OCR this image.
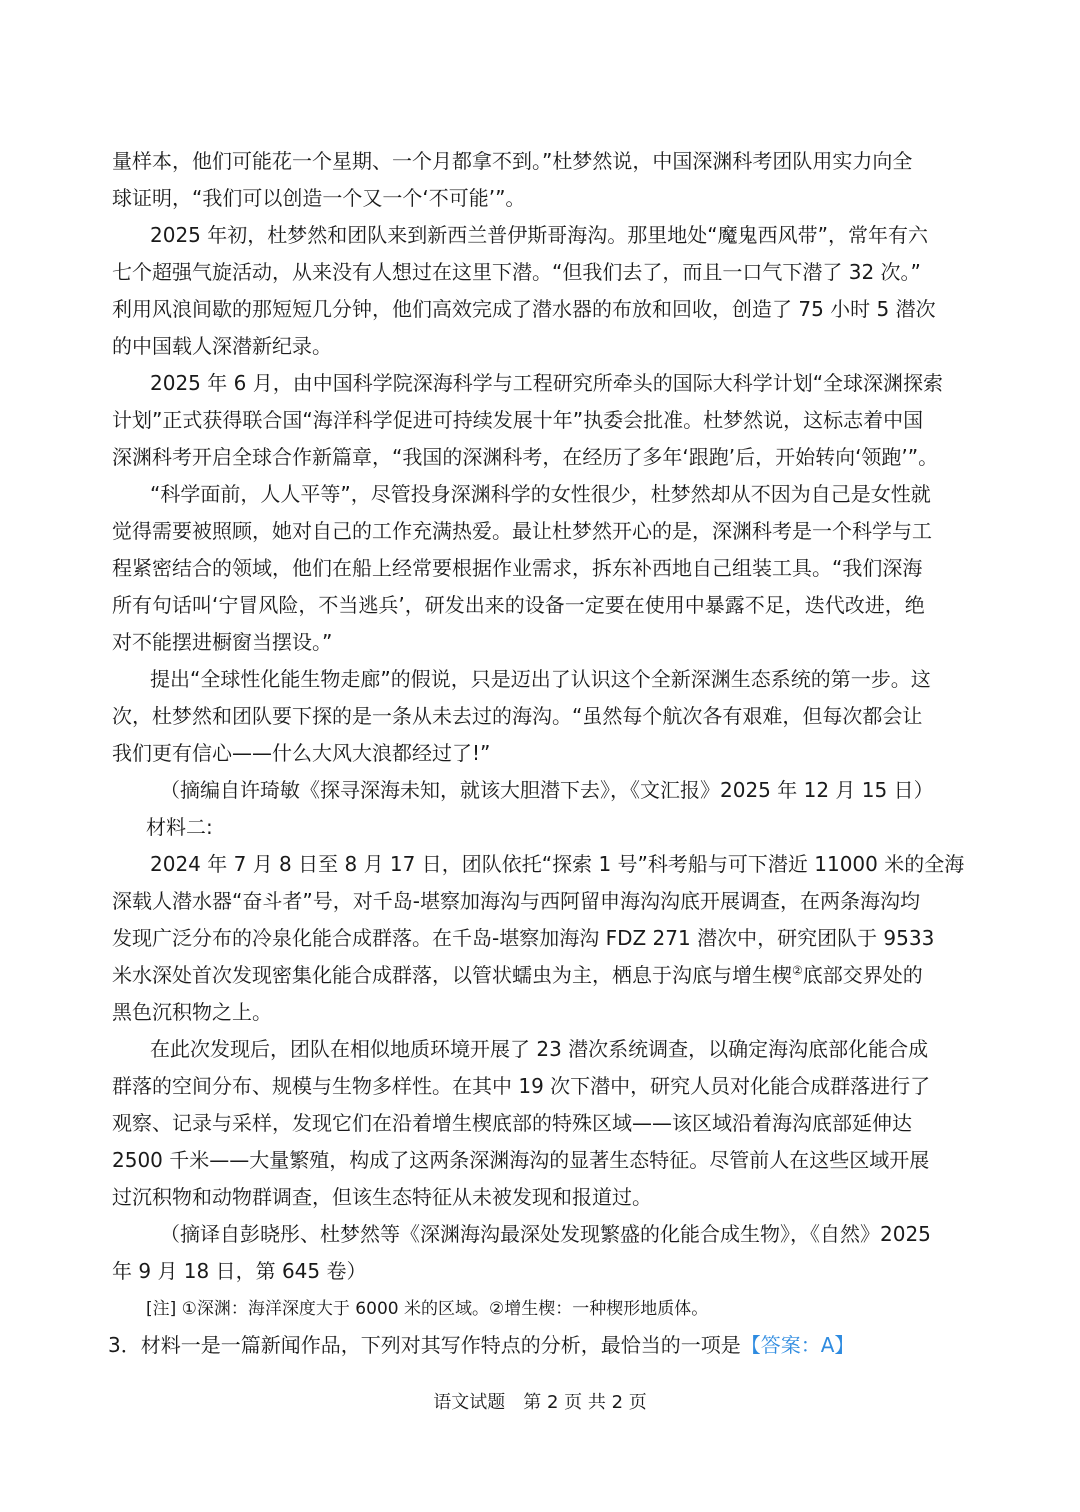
量样本，他们可能花一个星期、一个月都拿不到。”杜梦然说，中国深渊科考团队用实力向全
球证明，“我们可以创造一个又一个‘不可能’”。
2025 年初，杜梦然和团队来到新西兰普伊斯哥海沟。那里地处“魔鬼西风带”，常年有六
七个超强气旋活动，从来没有人想过在这里下潜。“但我们去了，而且一口气下潜了 32 次。”
利用风浪间歇的那短短几分钟，他们高效完成了潜水器的布放和回收，创造了 75 小时 5 潜次
的中国载人深潜新纪录。
2025 年 6 月，由中国科学院深海科学与工程研究所牵头的国际大科学计划“全球深渊探索
计划”正式获得联合国“海洋科学促进可持续发展十年”执委会批准。杜梦然说，这标志着中国
深渊科考开启全球合作新篇章，“我国的深渊科考，在经历了多年‘跟跑’后，开始转向‘领跑’”。
“科学面前，人人平等”，尽管投身深渊科学的女性很少，杜梦然却从不因为自己是女性就
觉得需要被照顾，她对自己的工作充满热爱。最让杜梦然开心的是，深渊科考是一个科学与工
程紧密结合的领域，他们在船上经常要根据作业需求，拆东补西地自己组装工具。“我们深海
所有句话叫‘宁冒风险，不当逃兵’，研发出来的设备一定要在使用中暴露不足，迭代改进，绝
对不能摆进橱窗当摆设。”
提出“全球性化能生物走廊”的假说，只是迈出了认识这个全新深渊生态系统的第一步。这
次，杜梦然和团队要下探的是一条从未去过的海沟。“虽然每个航次各有艰难，但每次都会让
我们更有信心——什么大风大浪都经过了!”
（摘编自许琦敏《探寻深海未知，就该大胆潜下去》，《文汇报》2025 年 12 月 15 日）
材料二:
2024 年 7 月 8 日至 8 月 17 日，团队依托“探索 1 号”科考船与可下潜近 11000 米的全海
深载人潜水器“奋斗者”号，对千岛-堪察加海沟与西阿留申海沟沟底开展调查，在两条海沟均
发现广泛分布的冷泉化能合成群落。在千岛-堪察加海沟 FDZ 271 潜次中，研究团队于 9533
米水深处首次发现密集化能合成群落，以管状蠕虫为主，栖息于沟底与增生楔②底部交界处的
黑色沉积物之上。
在此次发现后，团队在相似地质环境开展了 23 潜次系统调查，以确定海沟底部化能合成
群落的空间分布、规模与生物多样性。在其中 19 次下潜中，研究人员对化能合成群落进行了
观察、记录与采样，发现它们在沿着增生楔底部的特殊区域——该区域沿着海沟底部延伸达
2500 千米——大量繁殖，构成了这两条深渊海沟的显著生态特征。尽管前人在这些区域开展
过沉积物和动物群调查，但该生态特征从未被发现和报道过。
（摘译自彭晓彤、杜梦然等《深渊海沟最深处发现繁盛的化能合成生物》，《自然》2025
年 9 月 18 日，第 645 卷）
[注] ①深渊：海洋深度大于 6000 米的区域。②增生楔：一种楔形地质体。
3．材料一是一篇新闻作品，下列对其写作特点的分析，最恰当的一项是【答案：A】
语文试题　第 2 页 共 2 页
